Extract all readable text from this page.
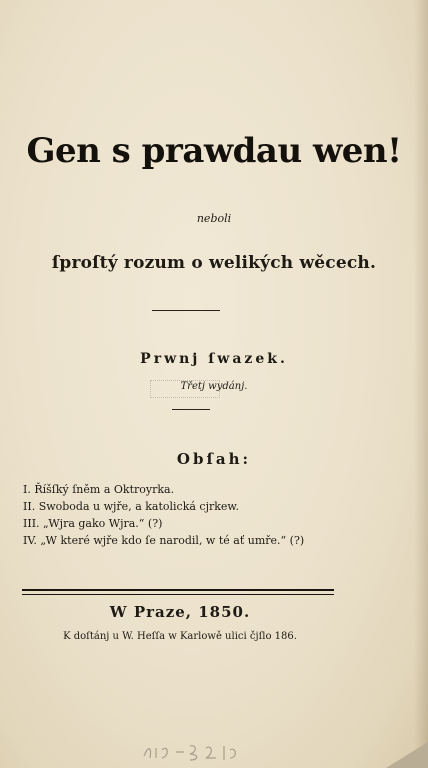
Gen s prawdau wen!
neboli
ſproſtý rozum o welikých wěcech.
Prwnj ſwazek.
Třetj wydánj.
Obſah:
I. Říšſký ſněm a Oktroyrka.
II. Swoboda u wjře, a katolická cjrkew.
III. „Wjra gako Wjra.“ (?)
IV. „W které wjře kdo ſe narodil, w té ať umře.“ (?)
W Praze, 1850.
K doſtánj u W. Heſſa w Karlowě ulici čjſlo 186.
